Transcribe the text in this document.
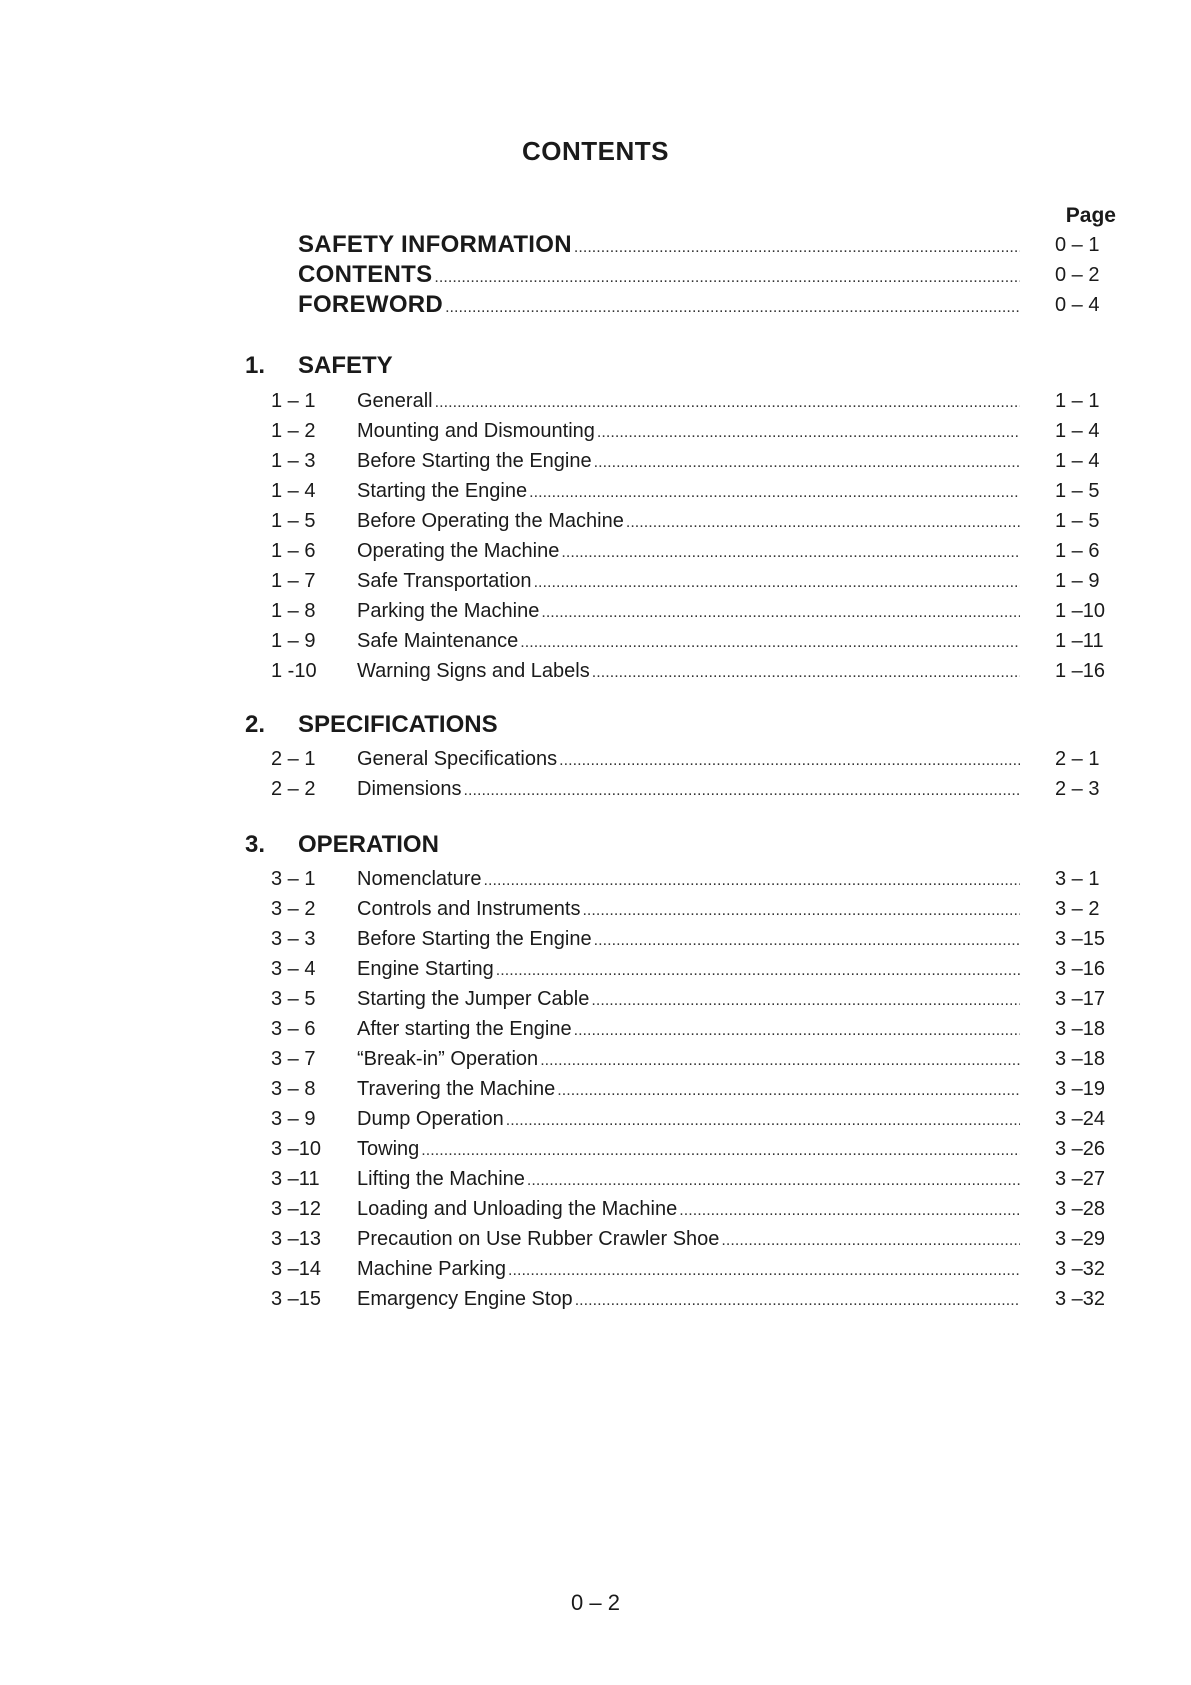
CONTENTS
Page
SAFETY INFORMATION . . .	0 – 1
CONTENTS . . .	0 – 2
FOREWORD . . .	0 – 4
1. SAFETY
1 – 1	Generall . . .	1 – 1
1 – 2	Mounting and Dismounting . . .	1 – 4
1 – 3	Before Starting the Engine . . .	1 – 4
1 – 4	Starting the Engine . . .	1 – 5
1 – 5	Before Operating the Machine . . .	1 – 5
1 – 6	Operating the Machine . . .	1 – 6
1 – 7	Safe Transportation . . .	1 – 9
1 – 8	Parking the Machine . . .	1 –10
1 – 9	Safe Maintenance . . .	1 –11
1 -10	Warning Signs and Labels . . .	1 –16
2. SPECIFICATIONS
2 – 1	General Specifications . . .	2 – 1
2 – 2	Dimensions . . .	2 – 3
3. OPERATION
3 – 1	Nomenclature . . .	3 – 1
3 – 2	Controls and Instruments . . .	3 – 2
3 – 3	Before Starting the Engine . . .	3 –15
3 – 4	Engine Starting . . .	3 –16
3 – 5	Starting the Jumper Cable . . .	3 –17
3 – 6	After starting the Engine . . .	3 –18
3 – 7	“Break-in” Operation . . .	3 –18
3 – 8	Travering the Machine . . .	3 –19
3 – 9	Dump Operation . . .	3 –24
3 –10	Towing . . .	3 –26
3 –11	Lifting the Machine . . .	3 –27
3 –12	Loading and Unloading the Machine . . .	3 –28
3 –13	Precaution on Use Rubber Crawler Shoe . . .	3 –29
3 –14	Machine Parking . . .	3 –32
3 –15	Emargency Engine Stop . . .	3 –32
0 – 2
